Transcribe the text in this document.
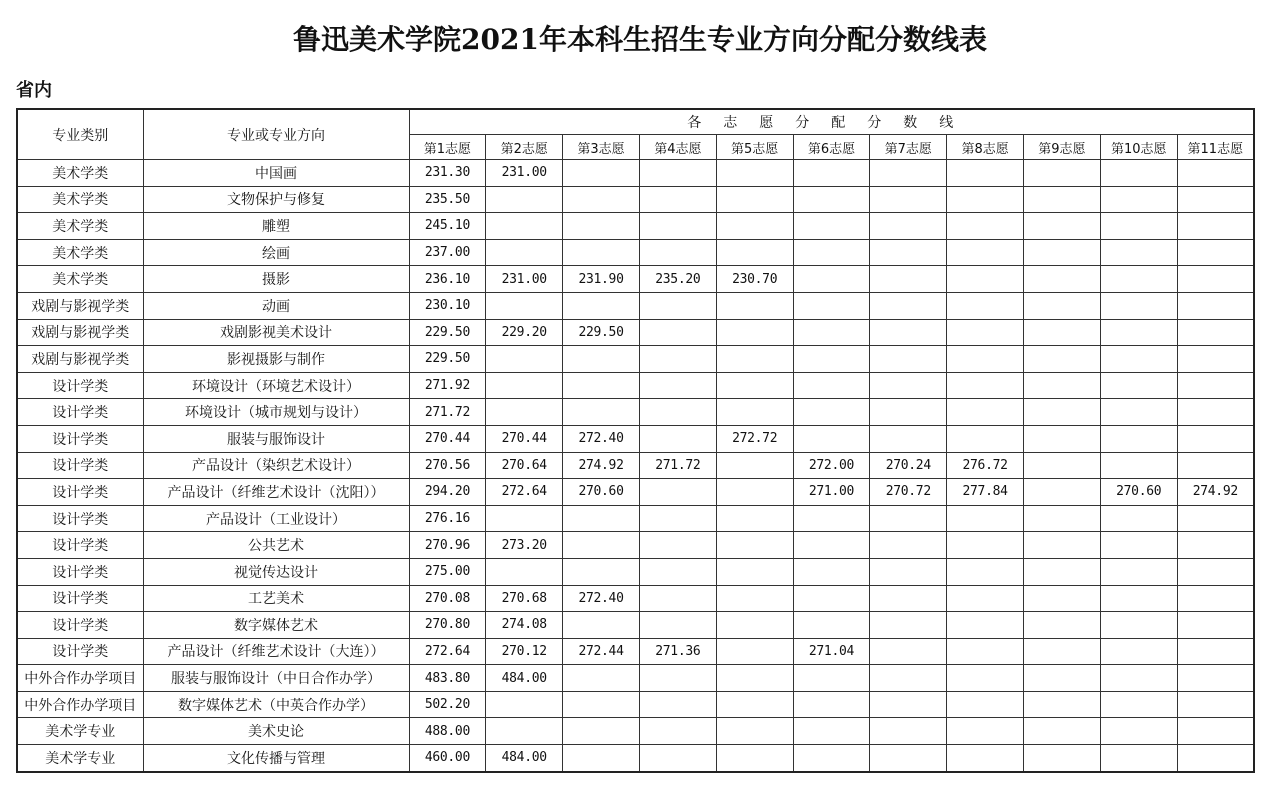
鲁迅美术学院2021年本科生招生专业方向分配分数线表
省内
专业类别	专业或专业方向	各志愿分配分数线										
		第1志愿	第2志愿	第3志愿	第4志愿	第5志愿	第6志愿	第7志愿	第8志愿	第9志愿	第10志愿	第11志愿
美术学类	中国画	231.30	231.00									
美术学类	文物保护与修复	235.50										
美术学类	雕塑	245.10										
美术学类	绘画	237.00										
美术学类	摄影	236.10	231.00	231.90	235.20	230.70						
戏剧与影视学类	动画	230.10										
戏剧与影视学类	戏剧影视美术设计	229.50	229.20	229.50								
戏剧与影视学类	影视摄影与制作	229.50										
设计学类	环境设计（环境艺术设计）	271.92										
设计学类	环境设计（城市规划与设计）	271.72										
设计学类	服装与服饰设计	270.44	270.44	272.40		272.72						
设计学类	产品设计（染织艺术设计）	270.56	270.64	274.92	271.72		272.00	270.24	276.72			
设计学类	产品设计（纤维艺术设计（沈阳））	294.20	272.64	270.60			271.00	270.72	277.84		270.60	274.92
设计学类	产品设计（工业设计）	276.16										
设计学类	公共艺术	270.96	273.20									
设计学类	视觉传达设计	275.00										
设计学类	工艺美术	270.08	270.68	272.40								
设计学类	数字媒体艺术	270.80	274.08									
设计学类	产品设计（纤维艺术设计（大连））	272.64	270.12	272.44	271.36		271.04					
中外合作办学项目	服装与服饰设计（中日合作办学）	483.80	484.00									
中外合作办学项目	数字媒体艺术（中英合作办学）	502.20										
美术学专业	美术史论	488.00										
美术学专业	文化传播与管理	460.00	484.00									
